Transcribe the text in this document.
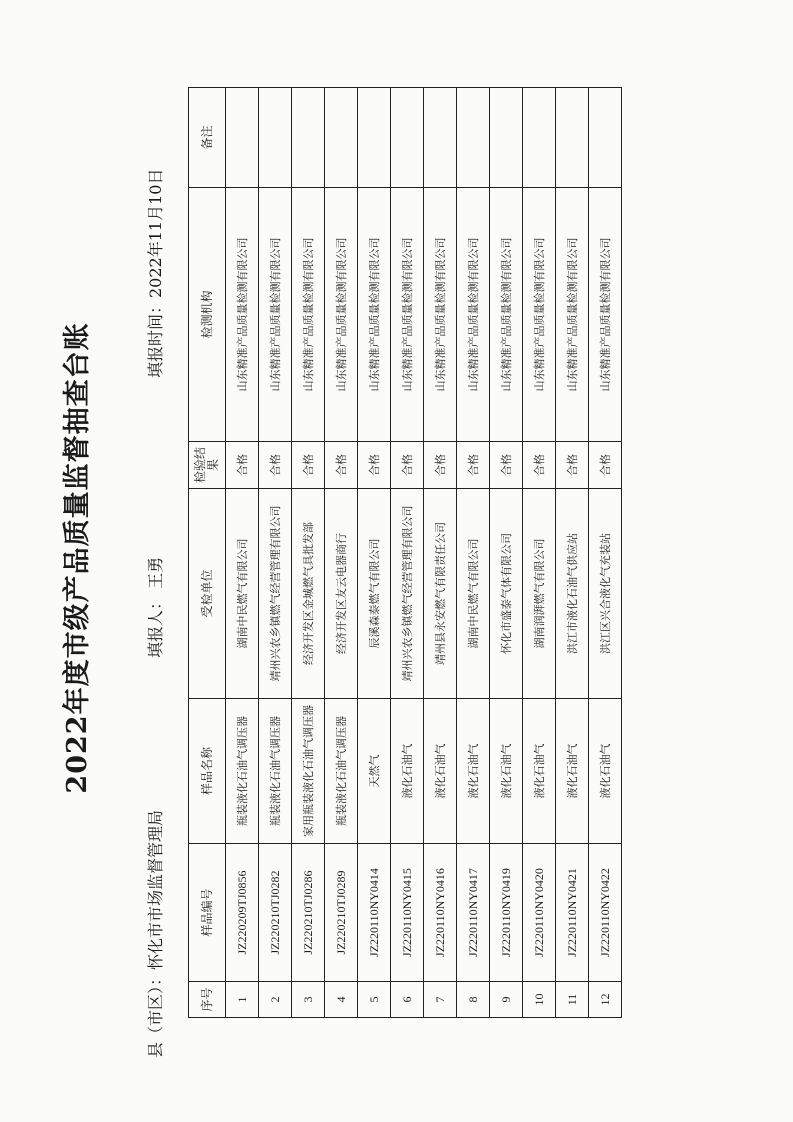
2022年度市级产品质量监督抽查台账
县（市区）：怀化市市场监督管理局
填报人： 王勇
填报时间：2022年11月10日
序号	样品编号	样品名称	受检单位	检验结果	检测机构	备注
1	JZ220209TJ0856	瓶装液化石油气调压器	湖南中民燃气有限公司	合格	山东精准产品质量检测有限公司	
2	JZ220210TJ0282	瓶装液化石油气调压器	靖州兴农乡镇燃气经营管理有限公司	合格	山东精准产品质量检测有限公司	
3	JZ220210TJ0286	家用瓶装液化石油气调压器	经济开发区金城燃气具批发部	合格	山东精准产品质量检测有限公司	
4	JZ220210TJ0289	瓶装液化石油气调压器	经济开发区友云电器商行	合格	山东精准产品质量检测有限公司	
5	JZ220110NY0414	天然气	辰溪森泰燃气有限公司	合格	山东精准产品质量检测有限公司	
6	JZ220110NY0415	液化石油气	靖州兴农乡镇燃气经营管理有限公司	合格	山东精准产品质量检测有限公司	
7	JZ220110NY0416	液化石油气	靖州县永安燃气有限责任公司	合格	山东精准产品质量检测有限公司	
8	JZ220110NY0417	液化石油气	湖南中民燃气有限公司	合格	山东精准产品质量检测有限公司	
9	JZ220110NY0419	液化石油气	怀化市盛泰气体有限公司	合格	山东精准产品质量检测有限公司	
10	JZ220110NY0420	液化石油气	湖南润湃燃气有限公司	合格	山东精准产品质量检测有限公司	
11	JZ220110NY0421	液化石油气	洪江市液化石油气供应站	合格	山东精准产品质量检测有限公司	
12	JZ220110NY0422	液化石油气	洪江区兴合液化气充装站	合格	山东精准产品质量检测有限公司	
